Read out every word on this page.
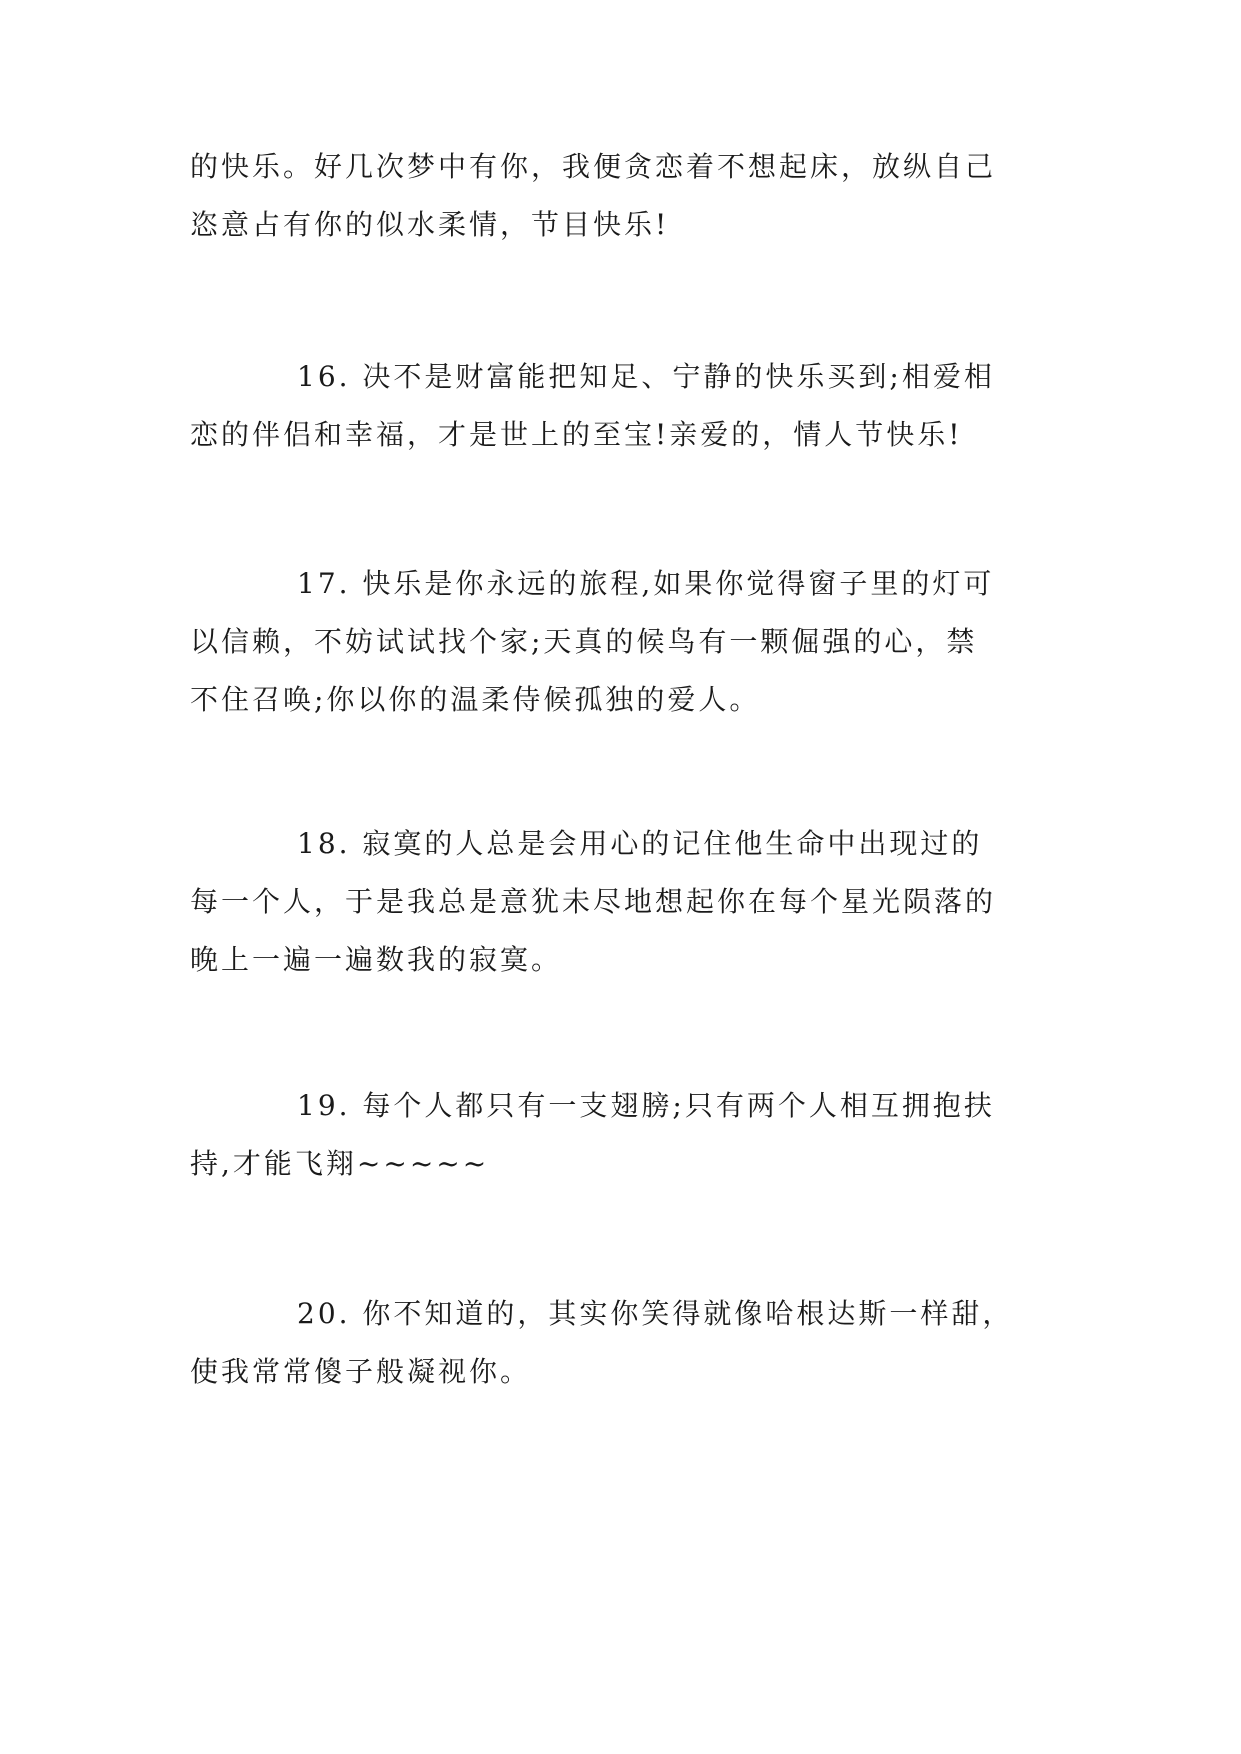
的快乐。好几次梦中有你，我便贪恋着不想起床，放纵自己
恣意占有你的似水柔情，节目快乐!

16. 决不是财富能把知足、宁静的快乐买到;相爱相
恋的伴侣和幸福，才是世上的至宝!亲爱的，情人节快乐!

17. 快乐是你永远的旅程,如果你觉得窗子里的灯可
以信赖，不妨试试找个家;天真的候鸟有一颗倔强的心，禁
不住召唤;你以你的温柔侍候孤独的爱人。

18. 寂寞的人总是会用心的记住他生命中出现过的
每一个人，于是我总是意犹未尽地想起你在每个星光陨落的
晚上一遍一遍数我的寂寞。

19. 每个人都只有一支翅膀;只有两个人相互拥抱扶
持,才能飞翔~~~~~

20. 你不知道的，其实你笑得就像哈根达斯一样甜，
使我常常傻子般凝视你。
